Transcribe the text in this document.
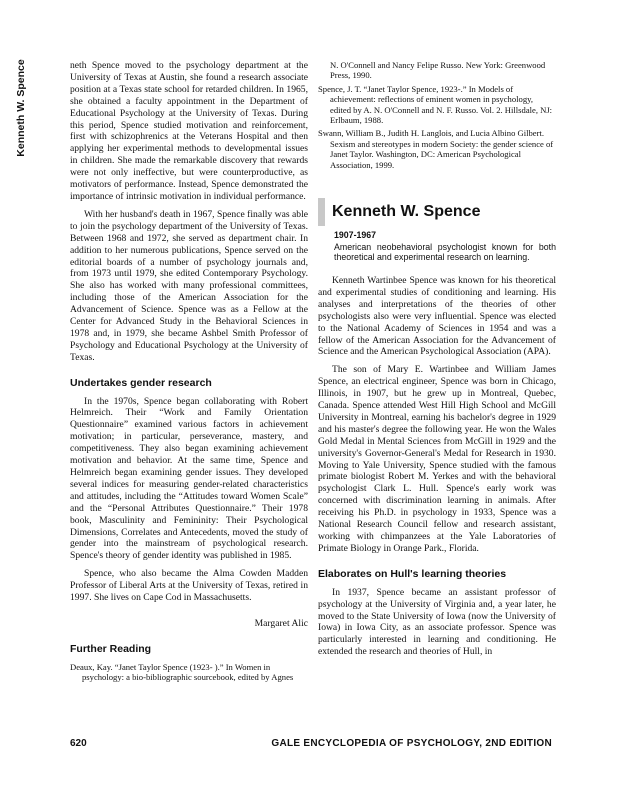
Kenneth W. Spence	neth Spence moved to the psychology department at the University of Texas at Austin, she found a research associate position at a Texas state school for retarded children. In 1965, she obtained a faculty appointment in the Department of Educational Psychology at the University of Texas. During this period, Spence studied motivation and reinforcement, first with schizophrenics at the Veterans Hospital and then applying her experimental methods to developmental issues in children. She made the remarkable discovery that rewards were not only ineffective, but were counterproductive, as motivators of performance. Instead, Spence demonstrated the importance of intrinsic motivation in individual performance.

With her husband's death in 1967, Spence finally was able to join the psychology department of the University of Texas. Between 1968 and 1972, she served as department chair. In addition to her numerous publications, Spence served on the editorial boards of a number of psychology journals and, from 1973 until 1979, she edited Contemporary Psychology. She also has worked with many professional committees, including those of the American Association for the Advancement of Science. Spence was as a Fellow at the Center for Advanced Study in the Behavioral Sciences in 1978 and, in 1979, she became Ashbel Smith Professor of Psychology and Educational Psychology at the University of Texas.

Undertakes gender research

In the 1970s, Spence began collaborating with Robert Helmreich. Their “Work and Family Orientation Questionnaire” examined various factors in achievement motivation; in particular, perseverance, mastery, and competitiveness. They also began examining achievement motivation and behavior. At the same time, Spence and Helmreich began examining gender issues. They developed several indices for measuring gender-related characteristics and attitudes, including the “Attitudes toward Women Scale” and the “Personal Attributes Questionnaire.” Their 1978 book, Masculinity and Femininity: Their Psychological Dimensions, Correlates and Antecedents, moved the study of gender into the mainstream of psychological research. Spence's theory of gender identity was published in 1985.

Spence, who also became the Alma Cowden Madden Professor of Liberal Arts at the University of Texas, retired in 1997. She lives on Cape Cod in Massachusetts.

Margaret Alic
Further Reading
Deaux, Kay. “Janet Taylor Spence (1923- ).” In Women in psychology: a bio-bibliographic sourcebook, edited by Agnes
N. O'Connell and Nancy Felipe Russo. New York: Greenwood Press, 1990.
Spence, J. T. “Janet Taylor Spence, 1923-.” In Models of achievement: reflections of eminent women in psychology, edited by A. N. O'Connell and N. F. Russo. Vol. 2. Hillsdale, NJ: Erlbaum, 1988.
Swann, William B., Judith H. Langlois, and Lucia Albino Gilbert. Sexism and stereotypes in modern Society: the gender science of Janet Taylor. Washington, DC: American Psychological Association, 1999.
Kenneth W. Spence
1907-1967
American neobehavioral psychologist known for both theoretical and experimental research on learning.

Kenneth Wartinbee Spence was known for his theoretical and experimental studies of conditioning and learning. His analyses and interpretations of the theories of other psychologists also were very influential. Spence was elected to the National Academy of Sciences in 1954 and was a fellow of the American Association for the Advancement of Science and the American Psychological Association (APA).

The son of Mary E. Wartinbee and William James Spence, an electrical engineer, Spence was born in Chicago, Illinois, in 1907, but he grew up in Montreal, Quebec, Canada. Spence attended West Hill High School and McGill University in Montreal, earning his bachelor's degree in 1929 and his master's degree the following year. He won the Wales Gold Medal in Mental Sciences from McGill in 1929 and the university's Governor-General's Medal for Research in 1930. Moving to Yale University, Spence studied with the famous primate biologist Robert M. Yerkes and with the behavioral psychologist Clark L. Hull. Spence's early work was concerned with discrimination learning in animals. After receiving his Ph.D. in psychology in 1933, Spence was a National Research Council fellow and research assistant, working with chimpanzees at the Yale Laboratories of Primate Biology in Orange Park., Florida.

Elaborates on Hull's learning theories

In 1937, Spence became an assistant professor of psychology at the University of Virginia and, a year later, he moved to the State University of Iowa (now the University of Iowa) in Iowa City, as an associate professor. Spence was particularly interested in learning and conditioning. He extended the research and theories of Hull, in

620	GALE ENCYCLOPEDIA OF PSYCHOLOGY, 2ND EDITION
